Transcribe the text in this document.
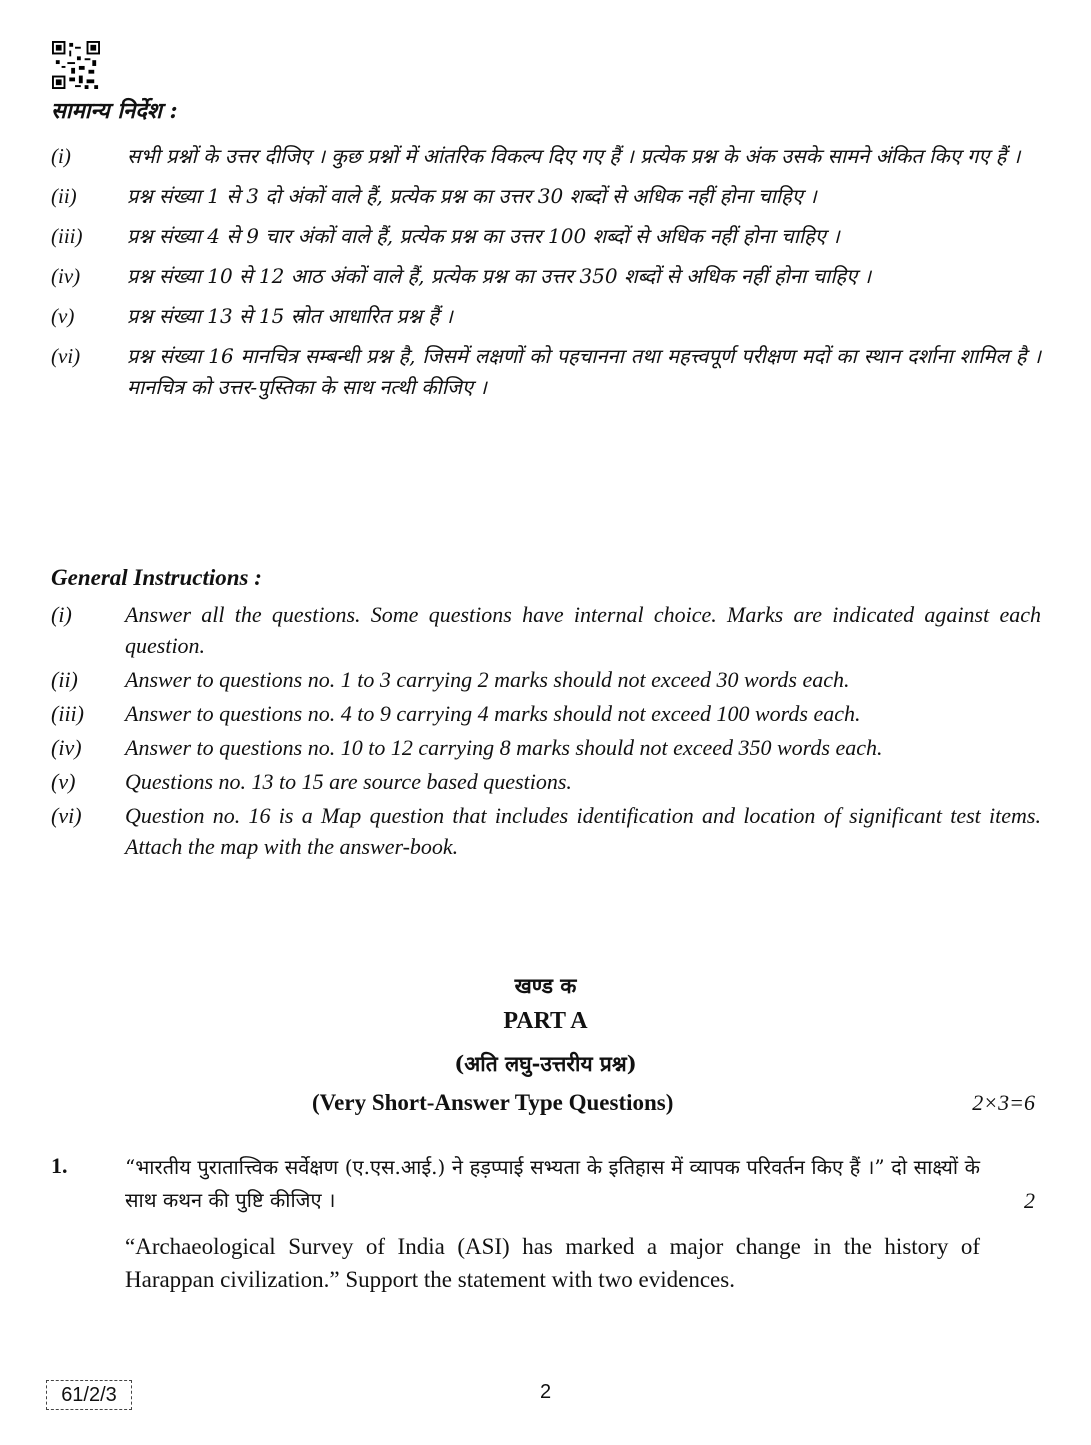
सामान्य निर्देश :
(i)	सभी प्रश्नों के उत्तर दीजिए । कुछ प्रश्नों में आंतरिक विकल्प दिए गए हैं । प्रत्येक प्रश्न के अंक उसके सामने अंकित किए गए हैं ।
(ii)	प्रश्न संख्या 1 से 3 दो अंकों वाले हैं, प्रत्येक प्रश्न का उत्तर 30 शब्दों से अधिक नहीं होना चाहिए ।
(iii) प्रश्न संख्या 4 से 9 चार अंकों वाले हैं, प्रत्येक प्रश्न का उत्तर 100 शब्दों से अधिक नहीं होना चाहिए ।
(iv) प्रश्न संख्या 10 से 12 आठ अंकों वाले हैं, प्रत्येक प्रश्न का उत्तर 350 शब्दों से अधिक नहीं होना चाहिए ।
(v)	प्रश्न संख्या 13 से 15 स्रोत आधारित प्रश्न हैं ।
(vi) प्रश्न संख्या 16 मानचित्र सम्बन्धी प्रश्न है, जिसमें लक्षणों को पहचानना तथा महत्त्वपूर्ण परीक्षण मदों का स्थान दर्शाना शामिल है । मानचित्र को उत्तर-पुस्तिका के साथ नत्थी कीजिए ।
General Instructions :
(i) Answer all the questions. Some questions have internal choice. Marks are indicated against each question.
(ii) Answer to questions no. 1 to 3 carrying 2 marks should not exceed 30 words each.
(iii) Answer to questions no. 4 to 9 carrying 4 marks should not exceed 100 words each.
(iv) Answer to questions no. 10 to 12 carrying 8 marks should not exceed 350 words each.
(v) Questions no. 13 to 15 are source based questions.
(vi) Question no. 16 is a Map question that includes identification and location of significant test items. Attach the map with the answer-book.
खण्ड क
PART A
(अति लघु-उत्तरीय प्रश्न)
(Very Short-Answer Type Questions)	2×3=6
1.	“भारतीय पुरातात्त्विक सर्वेक्षण (ए.एस.आई.) ने हड़प्पाई सभ्यता के इतिहास में व्यापक परिवर्तन किए हैं ।” दो साक्ष्यों के साथ कथन की पुष्टि कीजिए ।	2
“Archaeological Survey of India (ASI) has marked a major change in the history of Harappan civilization.” Support the statement with two evidences.
61/2/3	2
